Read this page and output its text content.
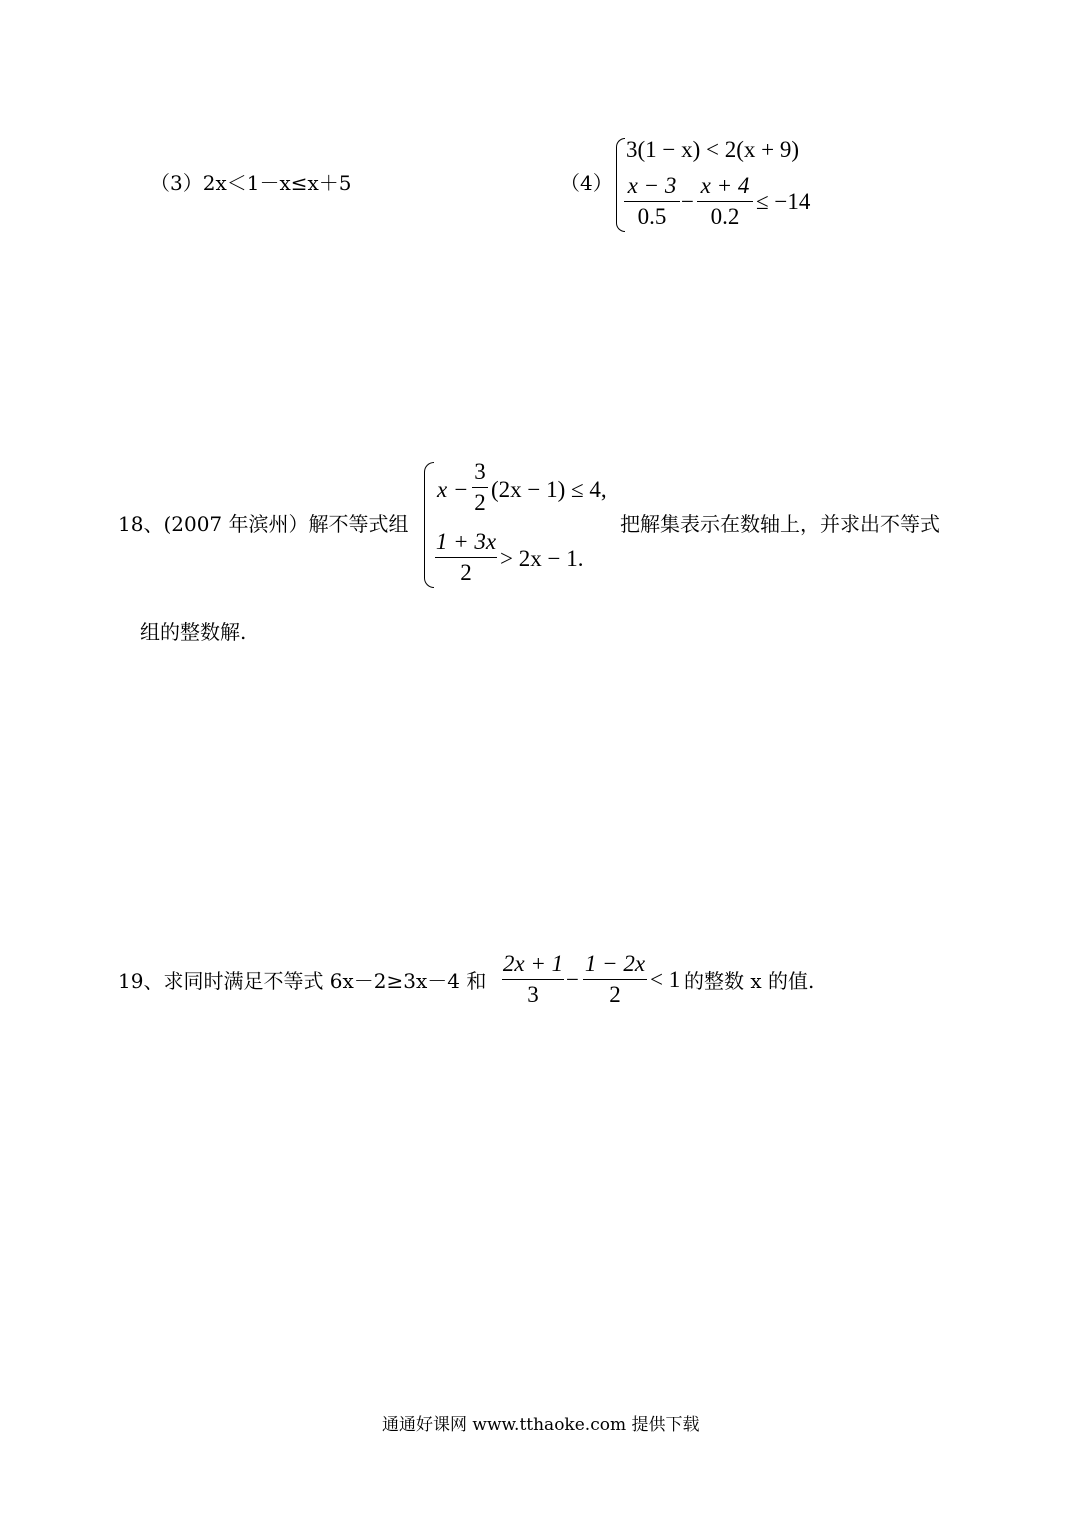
（3）2x＜1－x≤x＋5	（4）
3(1 − x) < 2(x + 9)
x − 3
0.5
−
x + 4
0.2
≤ −14
18、(2007 年滨州）解不等式组
x −
3
2
(2x − 1) ≤ 4,
1 + 3x
2
> 2x − 1.
把解集表示在数轴上，并求出不等式
组的整数解.
19、求同时满足不等式 6x－2≥3x－4 和
2x + 1
3
−
1 − 2x
2
< 1 的整数 x 的值.
通通好课网 www.tthaoke.com 提供下载
